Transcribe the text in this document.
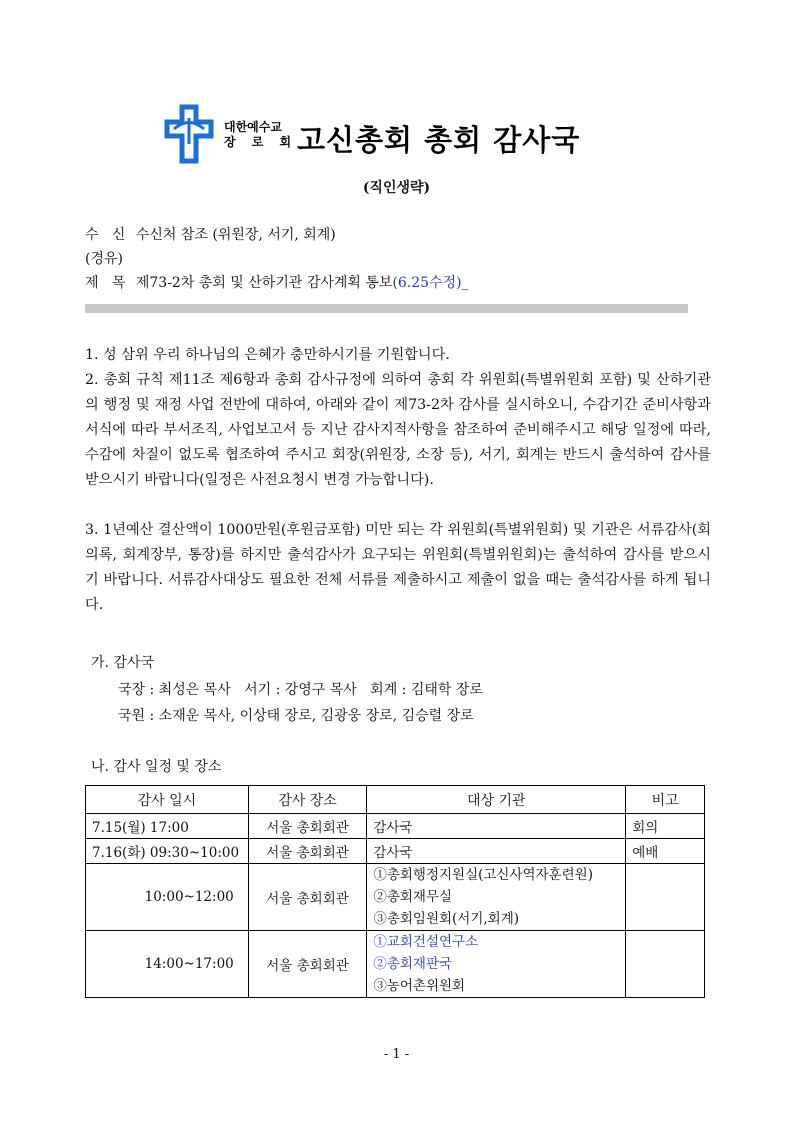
대한예수교
장 로 회 고신총회 총회 감사국
(직인생략)
수   신 수신처 참조 (위원장, 서기, 회계)
(경유)
제   목 제73-2차 총회 및 산하기관 감사계획 통보(6.25수정)_
1. 성 삼위 우리 하나님의 은혜가 충만하시기를 기원합니다.
2. 총회 규칙 제11조 제6항과 총회 감사규정에 의하여 총회 각 위원회(특별위원회 포함) 및 산하기관의 행정 및 재정 사업 전반에 대하여, 아래와 같이 제73-2차 감사를 실시하오니, 수감기간 준비사항과 서식에 따라 부서조직, 사업보고서 등 지난 감사지적사항을 참조하여 준비해주시고 해당 일정에 따라, 수감에 차질이 없도록 협조하여 주시고 회장(위원장, 소장 등), 서기, 회계는 반드시 출석하여 감사를 받으시기 바랍니다(일정은 사전요청시 변경 가능합니다).
3. 1년예산 결산액이 1000만원(후원금포함) 미만 되는 각 위원회(특별위원회) 및 기관은 서류감사(회의록, 회계장부, 통장)를 하지만 출석감사가 요구되는 위원회(특별위원회)는 출석하여 감사를 받으시기 바랍니다. 서류감사대상도 필요한 전체 서류를 제출하시고 제출이 없을 때는 출석감사를 하게 됩니다.
가. 감사국
국장 : 최성은 목사   서기 : 강영구 목사   회계 : 김태학 장로
국원 : 소재운 목사, 이상태 장로, 김광웅 장로, 김승렬 장로
나. 감사 일정 및 장소
감사 일시	감사 장소	대상 기관	비고
7.15(월) 17:00	서울 총회회관	감사국	회의
7.16(화) 09:30~10:00	서울 총회회관	감사국	예배
10:00~12:00	서울 총회회관	①총회행정지원실(고신사역자훈련원)
②총회재무실
③총회임원회(서기,회계)	

14:00~17:00	서울 총회회관	①교회건설연구소
②총회재판국
③농어촌위원회	

- 1 -
